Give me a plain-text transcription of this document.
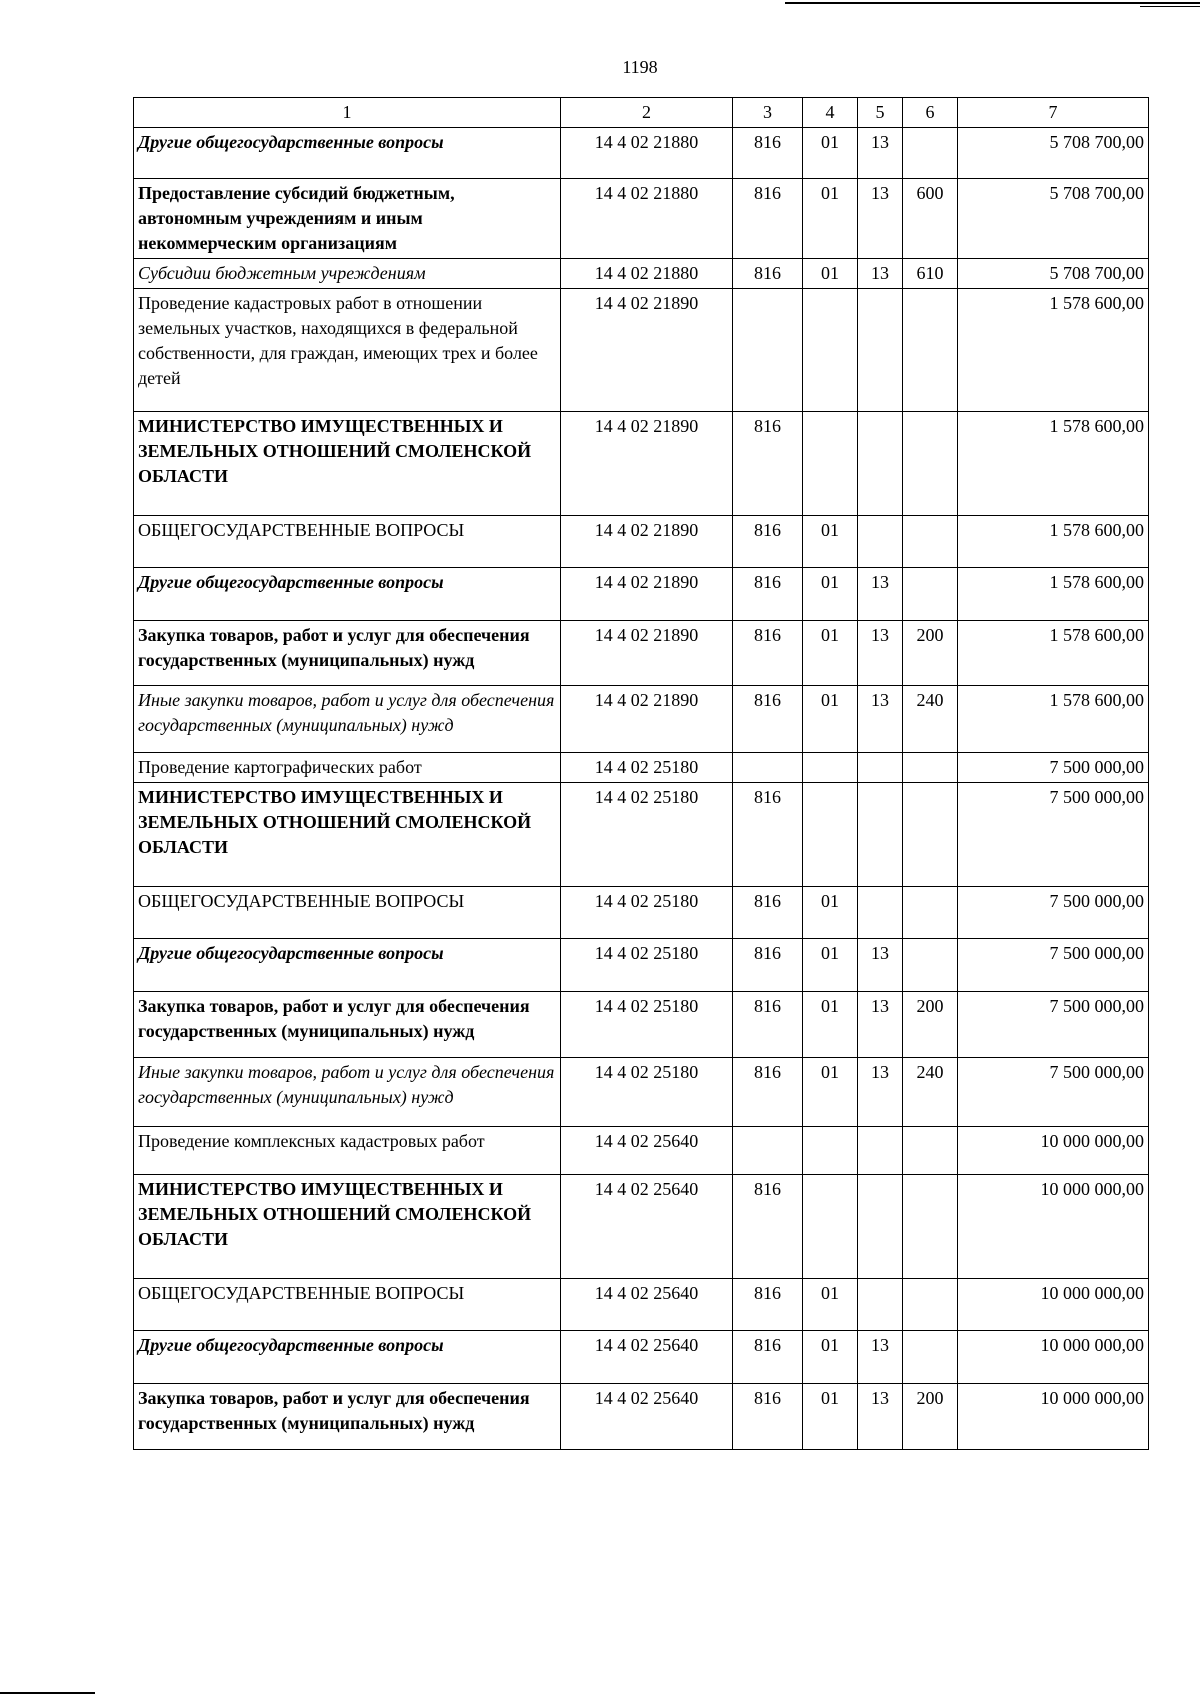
1198
1	2	3	4	5	6	7
Другие общегосударственные вопросы	14 4 02 21880	816	01	13		5 708 700,00
Предоставление субсидий бюджетным, автономным учреждениям и иным некоммерческим организациям	14 4 02 21880	816	01	13	600	5 708 700,00
Субсидии бюджетным учреждениям	14 4 02 21880	816	01	13	610	5 708 700,00
Проведение кадастровых работ в отношении земельных участков, находящихся в федеральной собственности, для граждан, имеющих трех и более детей	14 4 02 21890					1 578 600,00
МИНИСТЕРСТВО ИМУЩЕСТВЕННЫХ И ЗЕМЕЛЬНЫХ ОТНОШЕНИЙ СМОЛЕНСКОЙ ОБЛАСТИ	14 4 02 21890	816				1 578 600,00
ОБЩЕГОСУДАРСТВЕННЫЕ ВОПРОСЫ	14 4 02 21890	816	01			1 578 600,00
Другие общегосударственные вопросы	14 4 02 21890	816	01	13		1 578 600,00
Закупка товаров, работ и услуг для обеспечения государственных (муниципальных) нужд	14 4 02 21890	816	01	13	200	1 578 600,00
Иные закупки товаров, работ и услуг для обеспечения государственных (муниципальных) нужд	14 4 02 21890	816	01	13	240	1 578 600,00
Проведение картографических работ	14 4 02 25180					7 500 000,00
МИНИСТЕРСТВО ИМУЩЕСТВЕННЫХ И ЗЕМЕЛЬНЫХ ОТНОШЕНИЙ СМОЛЕНСКОЙ ОБЛАСТИ	14 4 02 25180	816				7 500 000,00
ОБЩЕГОСУДАРСТВЕННЫЕ ВОПРОСЫ	14 4 02 25180	816	01			7 500 000,00
Другие общегосударственные вопросы	14 4 02 25180	816	01	13		7 500 000,00
Закупка товаров, работ и услуг для обеспечения государственных (муниципальных) нужд	14 4 02 25180	816	01	13	200	7 500 000,00
Иные закупки товаров, работ и услуг для обеспечения государственных (муниципальных) нужд	14 4 02 25180	816	01	13	240	7 500 000,00
Проведение комплексных кадастровых работ	14 4 02 25640					10 000 000,00
МИНИСТЕРСТВО ИМУЩЕСТВЕННЫХ И ЗЕМЕЛЬНЫХ ОТНОШЕНИЙ СМОЛЕНСКОЙ ОБЛАСТИ	14 4 02 25640	816				10 000 000,00
ОБЩЕГОСУДАРСТВЕННЫЕ ВОПРОСЫ	14 4 02 25640	816	01			10 000 000,00
Другие общегосударственные вопросы	14 4 02 25640	816	01	13		10 000 000,00
Закупка товаров, работ и услуг для обеспечения государственных (муниципальных) нужд	14 4 02 25640	816	01	13	200	10 000 000,00
